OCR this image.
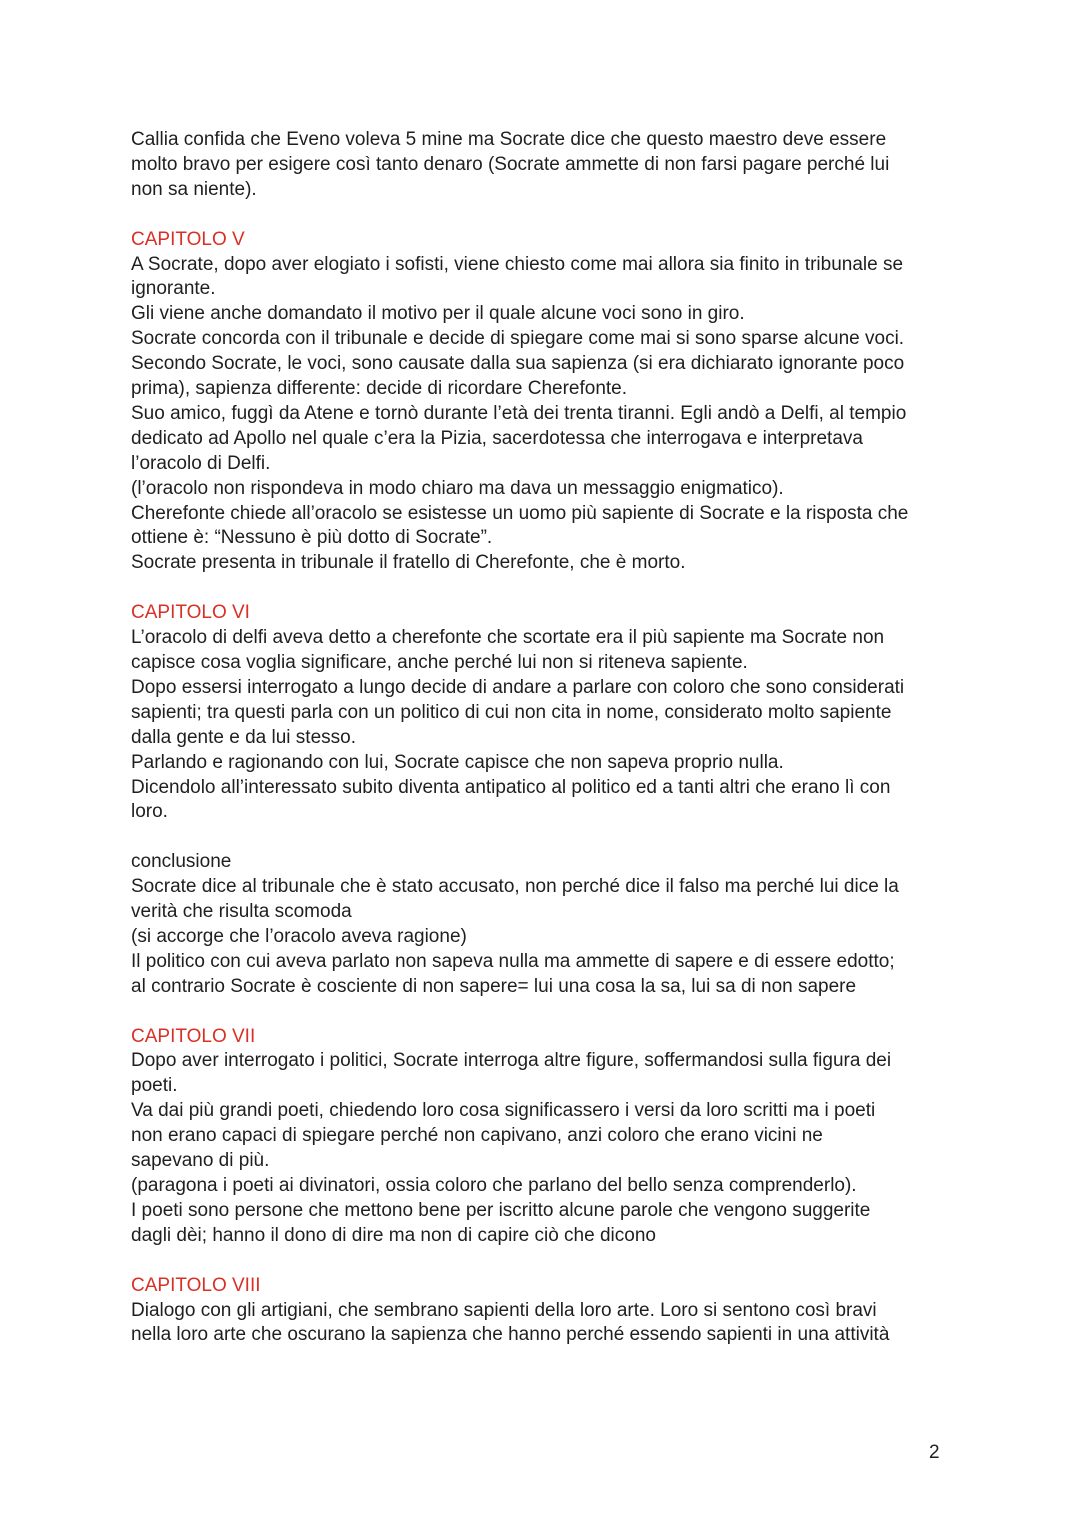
Callia confida che Eveno voleva 5 mine ma Socrate dice che questo maestro deve essere
molto bravo per esigere così tanto denaro (Socrate ammette di non farsi pagare perché lui
non sa niente).
CAPITOLO V
A Socrate, dopo aver elogiato i sofisti, viene chiesto come mai allora sia finito in tribunale se
ignorante.
Gli viene anche domandato il motivo per il quale alcune voci sono in giro.
Socrate concorda con il tribunale e decide di spiegare come mai si sono sparse alcune voci.
Secondo Socrate, le voci, sono causate dalla sua sapienza (si era dichiarato ignorante poco
prima), sapienza differente: decide di ricordare Cherefonte.
Suo amico, fuggì da Atene e tornò durante l’età dei trenta tiranni. Egli andò a Delfi, al tempio
dedicato ad Apollo nel quale c’era la Pizia, sacerdotessa che interrogava e interpretava
l’oracolo di Delfi.
(l’oracolo non rispondeva in modo chiaro ma dava un messaggio enigmatico).
Cherefonte chiede all’oracolo se esistesse un uomo più sapiente di Socrate e la risposta che
ottiene è: “Nessuno è più dotto di Socrate”.
Socrate presenta in tribunale il fratello di Cherefonte, che è morto.
CAPITOLO VI
L’oracolo di delfi aveva detto a cherefonte che scortate era il più sapiente ma Socrate non
capisce cosa voglia significare, anche perché lui non si riteneva sapiente.
Dopo essersi interrogato a lungo decide di andare a parlare con coloro che sono considerati
sapienti; tra questi parla con un politico di cui non cita in nome, considerato molto sapiente
dalla gente e da lui stesso.
Parlando e ragionando con lui, Socrate capisce che non sapeva proprio nulla.
Dicendolo all’interessato subito diventa antipatico al politico ed a tanti altri che erano lì con
loro.
conclusione
Socrate dice al tribunale che è stato accusato, non perché dice il falso ma perché lui dice la
verità che risulta scomoda
(si accorge che l’oracolo aveva ragione)
Il politico con cui aveva parlato non sapeva nulla ma ammette di sapere e di essere edotto;
al contrario Socrate è cosciente di non sapere= lui una cosa la sa, lui sa di non sapere
CAPITOLO VII
Dopo aver interrogato i politici, Socrate interroga altre figure, soffermandosi sulla figura dei
poeti.
Va dai più grandi poeti, chiedendo loro cosa significassero i versi da loro scritti ma i poeti
non erano capaci di spiegare perché non capivano, anzi coloro che erano vicini ne
sapevano di più.
(paragona i poeti ai divinatori, ossia coloro che parlano del bello senza comprenderlo).
I poeti sono persone che mettono bene per iscritto alcune parole che vengono suggerite
dagli dèi; hanno il dono di dire ma non di capire ciò che dicono
CAPITOLO VIII
Dialogo con gli artigiani, che sembrano sapienti della loro arte. Loro si sentono così bravi
nella loro arte che oscurano la sapienza che hanno perché essendo sapienti in una attività
2
